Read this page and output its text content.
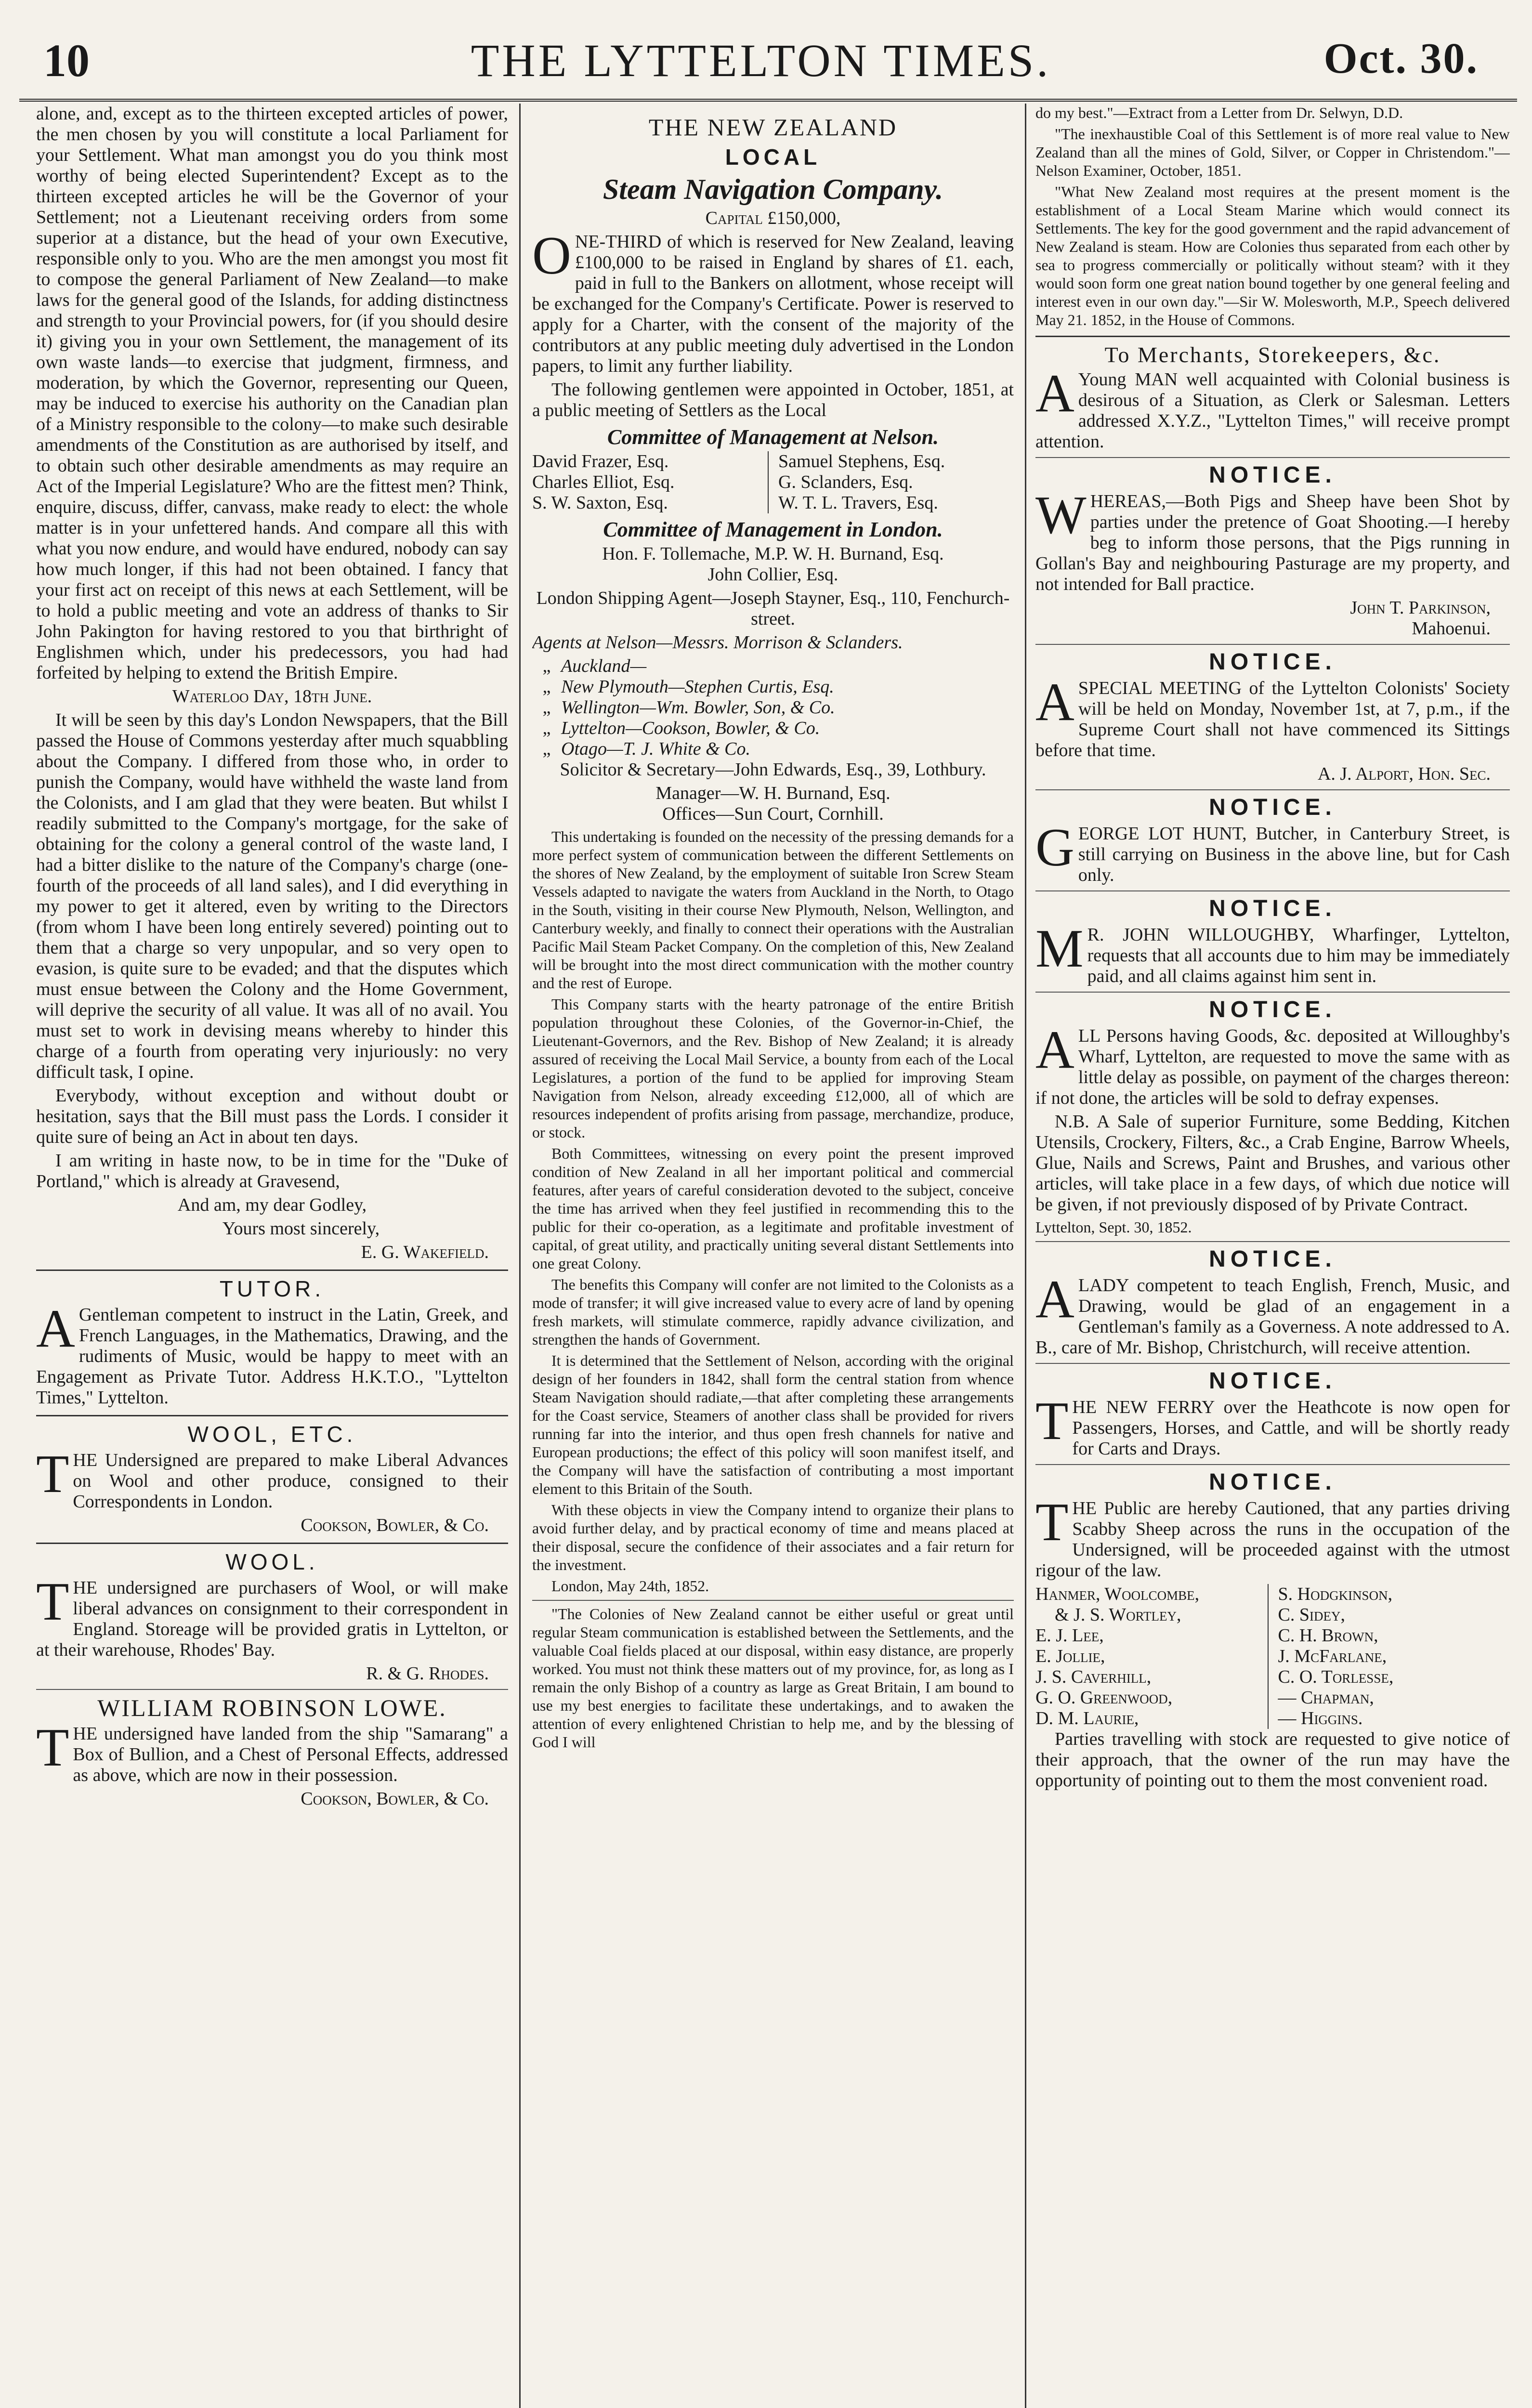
10	THE LYTTELTON TIMES.	Oct. 30.

alone, and, except as to the thirteen excepted articles of power, the men chosen by you will constitute a local Parliament for your Settlement. What man amongst you do you think most worthy of being elected Superintendent? Except as to the thirteen excepted articles he will be the Governor of your Settlement; not a Lieutenant receiving orders from some superior at a distance, but the head of your own Executive, responsible only to you. Who are the men amongst you most fit to compose the general Parliament of New Zealand—to make laws for the general good of the Islands, for adding distinctness and strength to your Provincial powers, for (if you should desire it) giving you in your own Settlement, the management of its own waste lands—to exercise that judgment, firmness, and moderation, by which the Governor, representing our Queen, may be induced to exercise his authority on the Canadian plan of a Ministry responsible to the colony—to make such desirable amendments of the Constitution as are authorised by itself, and to obtain such other desirable amendments as may require an Act of the Imperial Legislature? Who are the fittest men? Think, enquire, discuss, differ, canvass, make ready to elect: the whole matter is in your unfettered hands. And compare all this with what you now endure, and would have endured, nobody can say how much longer, if this had not been obtained. I fancy that your first act on receipt of this news at each Settlement, will be to hold a public meeting and vote an address of thanks to Sir John Pakington for having restored to you that birthright of Englishmen which, under his predecessors, you had had forfeited by helping to extend the British Empire.

Waterloo Day, 18th June.

It will be seen by this day's London Newspapers, that the Bill passed the House of Commons yesterday after much squabbling about the Company. I differed from those who, in order to punish the Company, would have withheld the waste land from the Colonists, and I am glad that they were beaten. But whilst I readily submitted to the Company's mortgage, for the sake of obtaining for the colony a general control of the waste land, I had a bitter dislike to the nature of the Company's charge (one-fourth of the proceeds of all land sales), and I did everything in my power to get it altered, even by writing to the Directors (from whom I have been long entirely severed) pointing out to them that a charge so very unpopular, and so very open to evasion, is quite sure to be evaded; and that the disputes which must ensue between the Colony and the Home Government, will deprive the security of all value. It was all of no avail. You must set to work in devising means whereby to hinder this charge of a fourth from operating very injuriously: no very difficult task, I opine.

Everybody, without exception and without doubt or hesitation, says that the Bill must pass the Lords. I consider it quite sure of being an Act in about ten days.

I am writing in haste now, to be in time for the "Duke of Portland," which is already at Gravesend,

And am, my dear Godley,

Yours most sincerely,

E. G. Wakefield.

TUTOR.

AGentleman competent to instruct in the Latin, Greek, and French Languages, in the Mathematics, Drawing, and the rudiments of Music, would be happy to meet with an Engagement as Private Tutor. Address H.K.T.O., "Lyttelton Times," Lyttelton.

WOOL, ETC.

THE Undersigned are prepared to make Liberal Advances on Wool and other produce, consigned to their Correspondents in London.

Cookson, Bowler, & Co.

WOOL.

THE undersigned are purchasers of Wool, or will make liberal advances on consignment to their correspondent in England. Storeage will be provided gratis in Lyttelton, or at their warehouse, Rhodes' Bay.

R. & G. Rhodes.

WILLIAM ROBINSON LOWE.

THE undersigned have landed from the ship "Samarang" a Box of Bullion, and a Chest of Personal Effects, addressed as above, which are now in their possession.

Cookson, Bowler, & Co.

THE NEW ZEALAND
LOCAL
Steam Navigation Company.

Capital £150,000,

ONE-THIRD of which is reserved for New Zealand, leaving £100,000 to be raised in England by shares of £1. each, paid in full to the Bankers on allotment, whose receipt will be exchanged for the Company's Certificate. Power is reserved to apply for a Charter, with the consent of the majority of the contributors at any public meeting duly advertised in the London papers, to limit any further liability.

The following gentlemen were appointed in October, 1851, at a public meeting of Settlers as the Local

Committee of Management at Nelson.
David Frazer, Esq.
Charles Elliot, Esq.
S. W. Saxton, Esq.
Samuel Stephens, Esq.
G. Sclanders, Esq.
W. T. L. Travers, Esq.
Committee of Management in London.

Hon. F. Tollemache, M.P. W. H. Burnand, Esq.

John Collier, Esq.

London Shipping Agent—Joseph Stayner, Esq., 110, Fenchurch-street.

Agents at Nelson—Messrs. Morrison & Sclanders.

„ Auckland—
„ New Plymouth—Stephen Curtis, Esq.
„ Wellington—Wm. Bowler, Son, & Co.
„ Lyttelton—Cookson, Bowler, & Co.
„ Otago—T. J. White & Co.

Solicitor & Secretary—John Edwards, Esq., 39, Lothbury.

Manager—W. H. Burnand, Esq.

Offices—Sun Court, Cornhill.

This undertaking is founded on the necessity of the pressing demands for a more perfect system of communication between the different Settlements on the shores of New Zealand, by the employment of suitable Iron Screw Steam Vessels adapted to navigate the waters from Auckland in the North, to Otago in the South, visiting in their course New Plymouth, Nelson, Wellington, and Canterbury weekly, and finally to connect their operations with the Australian Pacific Mail Steam Packet Company. On the completion of this, New Zealand will be brought into the most direct communication with the mother country and the rest of Europe.

This Company starts with the hearty patronage of the entire British population throughout these Colonies, of the Governor-in-Chief, the Lieutenant-Governors, and the Rev. Bishop of New Zealand; it is already assured of receiving the Local Mail Service, a bounty from each of the Local Legislatures, a portion of the fund to be applied for improving Steam Navigation from Nelson, already exceeding £12,000, all of which are resources independent of profits arising from passage, merchandize, produce, or stock.

Both Committees, witnessing on every point the present improved condition of New Zealand in all her important political and commercial features, after years of careful consideration devoted to the subject, conceive the time has arrived when they feel justified in recommending this to the public for their co-operation, as a legitimate and profitable investment of capital, of great utility, and practically uniting several distant Settlements into one great Colony.

The benefits this Company will confer are not limited to the Colonists as a mode of transfer; it will give increased value to every acre of land by opening fresh markets, will stimulate commerce, rapidly advance civilization, and strengthen the hands of Government.

It is determined that the Settlement of Nelson, according with the original design of her founders in 1842, shall form the central station from whence Steam Navigation should radiate,—that after completing these arrangements for the Coast service, Steamers of another class shall be provided for rivers running far into the interior, and thus open fresh channels for native and European productions; the effect of this policy will soon manifest itself, and the Company will have the satisfaction of contributing a most important element to this Britain of the South.

With these objects in view the Company intend to organize their plans to avoid further delay, and by practical economy of time and means placed at their disposal, secure the confidence of their associates and a fair return for the investment.

London, May 24th, 1852.

"The Colonies of New Zealand cannot be either useful or great until regular Steam communication is established between the Settlements, and the valuable Coal fields placed at our disposal, within easy distance, are properly worked. You must not think these matters out of my province, for, as long as I remain the only Bishop of a country as large as Great Britain, I am bound to use my best energies to facilitate these undertakings, and to awaken the attention of every enlightened Christian to help me, and by the blessing of God I will

do my best."—Extract from a Letter from Dr. Selwyn, D.D.

"The inexhaustible Coal of this Settlement is of more real value to New Zealand than all the mines of Gold, Silver, or Copper in Christendom."—Nelson Examiner, October, 1851.

"What New Zealand most requires at the present moment is the establishment of a Local Steam Marine which would connect its Settlements. The key for the good government and the rapid advancement of New Zealand is steam. How are Colonies thus separated from each other by sea to progress commercially or politically without steam? with it they would soon form one great nation bound together by one general feeling and interest even in our own day."—Sir W. Molesworth, M.P., Speech delivered May 21. 1852, in the House of Commons.

To Merchants, Storekeepers, &c.

AYoung MAN well acquainted with Colonial business is desirous of a Situation, as Clerk or Salesman. Letters addressed X.Y.Z., "Lyttelton Times," will receive prompt attention.

NOTICE.

WHEREAS,—Both Pigs and Sheep have been Shot by parties under the pretence of Goat Shooting.—I hereby beg to inform those persons, that the Pigs running in Gollan's Bay and neighbouring Pasturage are my property, and not intended for Ball practice.

John T. Parkinson,

Mahoenui.

NOTICE.

ASPECIAL MEETING of the Lyttelton Colonists' Society will be held on Monday, November 1st, at 7, p.m., if the Supreme Court shall not have commenced its Sittings before that time.

A. J. Alport, Hon. Sec.

NOTICE.

GEORGE LOT HUNT, Butcher, in Canterbury Street, is still carrying on Business in the above line, but for Cash only.

NOTICE.

MR. JOHN WILLOUGHBY, Wharfinger, Lyttelton, requests that all accounts due to him may be immediately paid, and all claims against him sent in.

NOTICE.

ALL Persons having Goods, &c. deposited at Willoughby's Wharf, Lyttelton, are requested to move the same with as little delay as possible, on payment of the charges thereon: if not done, the articles will be sold to defray expenses.

N.B. A Sale of superior Furniture, some Bedding, Kitchen Utensils, Crockery, Filters, &c., a Crab Engine, Barrow Wheels, Glue, Nails and Screws, Paint and Brushes, and various other articles, will take place in a few days, of which due notice will be given, if not previously disposed of by Private Contract.

Lyttelton, Sept. 30, 1852.

NOTICE.

ALADY competent to teach English, French, Music, and Drawing, would be glad of an engagement in a Gentleman's family as a Governess. A note addressed to A. B., care of Mr. Bishop, Christchurch, will receive attention.

NOTICE.

THE NEW FERRY over the Heathcote is now open for Passengers, Horses, and Cattle, and will be shortly ready for Carts and Drays.

NOTICE.

THE Public are hereby Cautioned, that any parties driving Scabby Sheep across the runs in the occupation of the Undersigned, will be proceeded against with the utmost rigour of the law.

Hanmer, Woolcombe,
& J. S. Wortley,
E. J. Lee,
E. Jollie,
J. S. Caverhill,
G. O. Greenwood,
D. M. Laurie,
S. Hodgkinson,
C. Sidey,
C. H. Brown,
J. McFarlane,
C. O. Torlesse,
— Chapman,
— Higgins.

Parties travelling with stock are requested to give notice of their approach, that the owner of the run may have the opportunity of pointing out to them the most convenient road.
